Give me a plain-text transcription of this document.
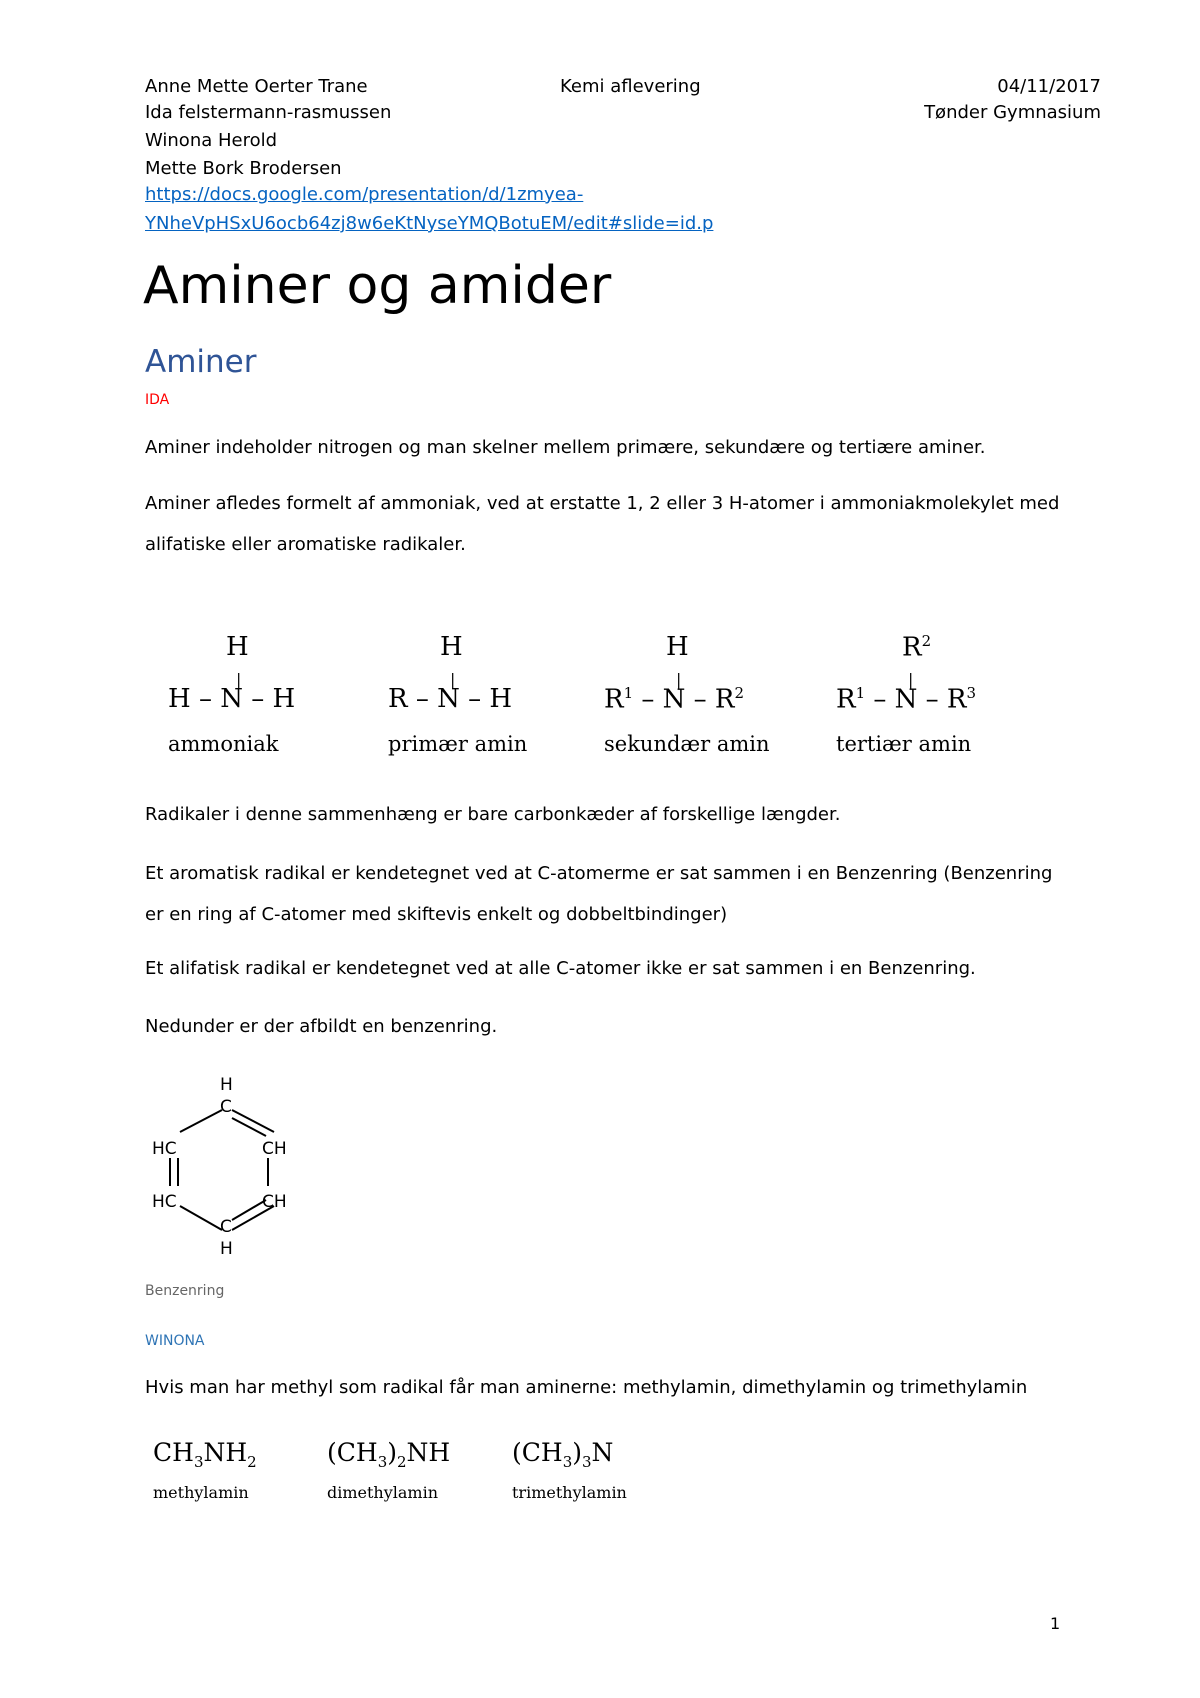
Anne Mette Oerter Trane	Kemi aflevering	04/11/2017
Ida felstermann-rasmussen	Tønder Gymnasium
Winona Herold
Mette Bork Brodersen
https://docs.google.com/presentation/d/1zmyea-
YNheVpHSxU6ocb64zj8w6eKtNyseYMQBotuEM/edit#slide=id.p
Aminer og amider
Aminer
IDA
Aminer indeholder nitrogen og man skelner mellem primære, sekundære og tertiære aminer.
Aminer afledes formelt af ammoniak, ved at erstatte 1, 2 eller 3 H-atomer i ammoniakmolekylet med alifatiske eller aromatiske radikaler.
H
|
H – N – H
ammoniak
H
|
R – N – H
primær amin
H
|
$R^1$ – N – $R^2$
sekundær amin
$R^2$
|
$R^1$ – N – $R^3$
tertiær amin
Radikaler i denne sammenhæng er bare carbonkæder af forskellige længder.
Et aromatisk radikal er kendetegnet ved at C-atomerme er sat sammen i en Benzenring (Benzenring er en ring af C-atomer med skiftevis enkelt og dobbeltbindinger)
Et alifatisk radikal er kendetegnet ved at alle C-atomer ikke er sat sammen i en Benzenring.
Nedunder er der afbildt en benzenring.
H
C
HC	CH
HC	CH
C
H
Benzenring
WINONA
Hvis man har methyl som radikal får man aminerne: methylamin, dimethylamin og trimethylamin
$CH_3NH_2$
methylamin
$(CH_3)_2NH$
dimethylamin
$(CH_3)_3N$
trimethylamin
1
